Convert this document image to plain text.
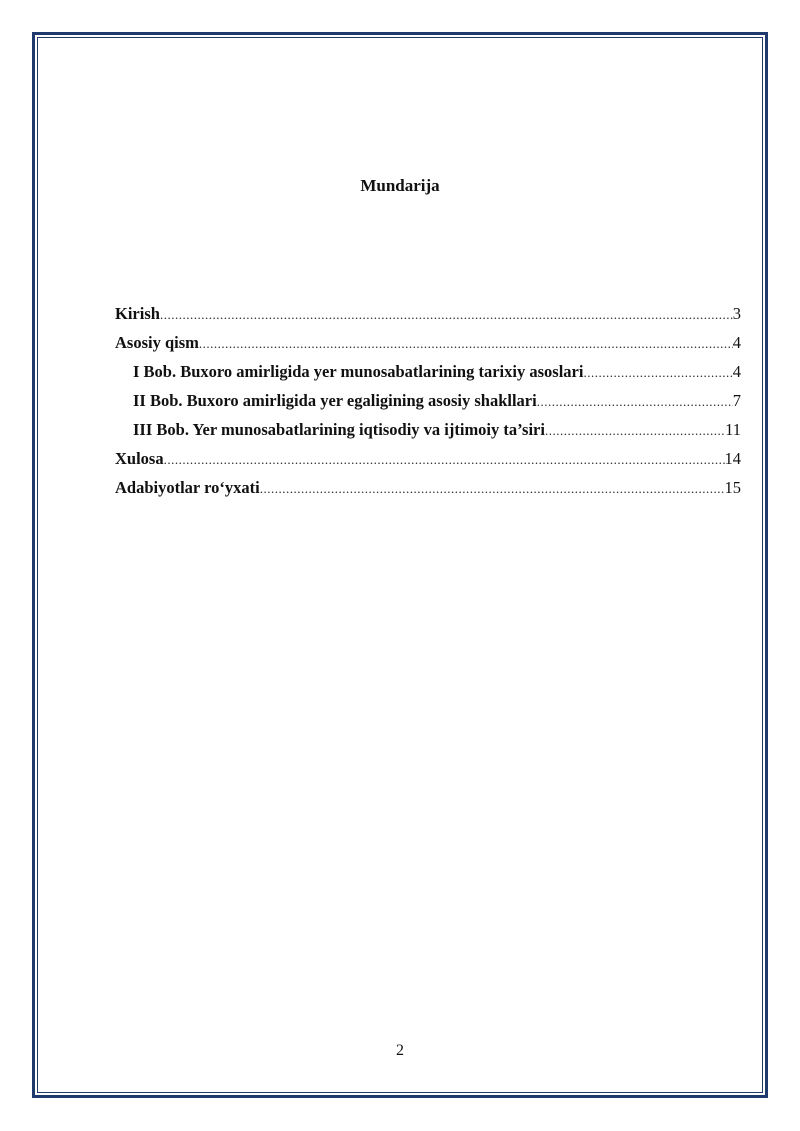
Mundarija
Kirish .....	3
Asosiy qism .....	4
I Bob. Buxoro amirligida yer munosabatlarining tarixiy asoslari .....	4
II Bob. Buxoro amirligida yer egaligining asosiy shakllari .....	7
III Bob. Yer munosabatlarining iqtisodiy va ijtimoiy ta’siri .....	11
Xulosa .....	14
Adabiyotlar ro‘yxati .....	15
2
